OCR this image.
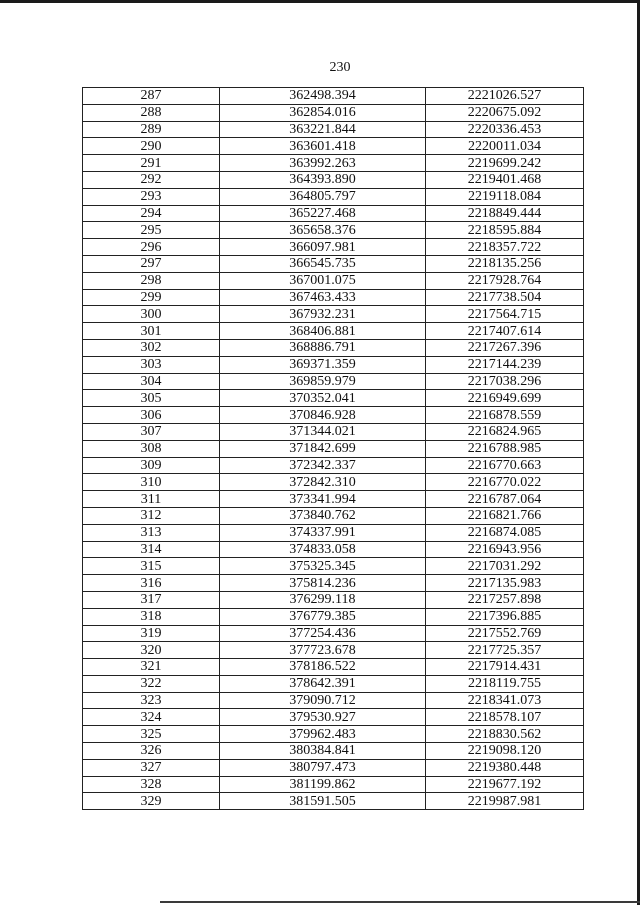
230
287	362498.394	2221026.527
288	362854.016	2220675.092
289	363221.844	2220336.453
290	363601.418	2220011.034
291	363992.263	2219699.242
292	364393.890	2219401.468
293	364805.797	2219118.084
294	365227.468	2218849.444
295	365658.376	2218595.884
296	366097.981	2218357.722
297	366545.735	2218135.256
298	367001.075	2217928.764
299	367463.433	2217738.504
300	367932.231	2217564.715
301	368406.881	2217407.614
302	368886.791	2217267.396
303	369371.359	2217144.239
304	369859.979	2217038.296
305	370352.041	2216949.699
306	370846.928	2216878.559
307	371344.021	2216824.965
308	371842.699	2216788.985
309	372342.337	2216770.663
310	372842.310	2216770.022
311	373341.994	2216787.064
312	373840.762	2216821.766
313	374337.991	2216874.085
314	374833.058	2216943.956
315	375325.345	2217031.292
316	375814.236	2217135.983
317	376299.118	2217257.898
318	376779.385	2217396.885
319	377254.436	2217552.769
320	377723.678	2217725.357
321	378186.522	2217914.431
322	378642.391	2218119.755
323	379090.712	2218341.073
324	379530.927	2218578.107
325	379962.483	2218830.562
326	380384.841	2219098.120
327	380797.473	2219380.448
328	381199.862	2219677.192
329	381591.505	2219987.981
